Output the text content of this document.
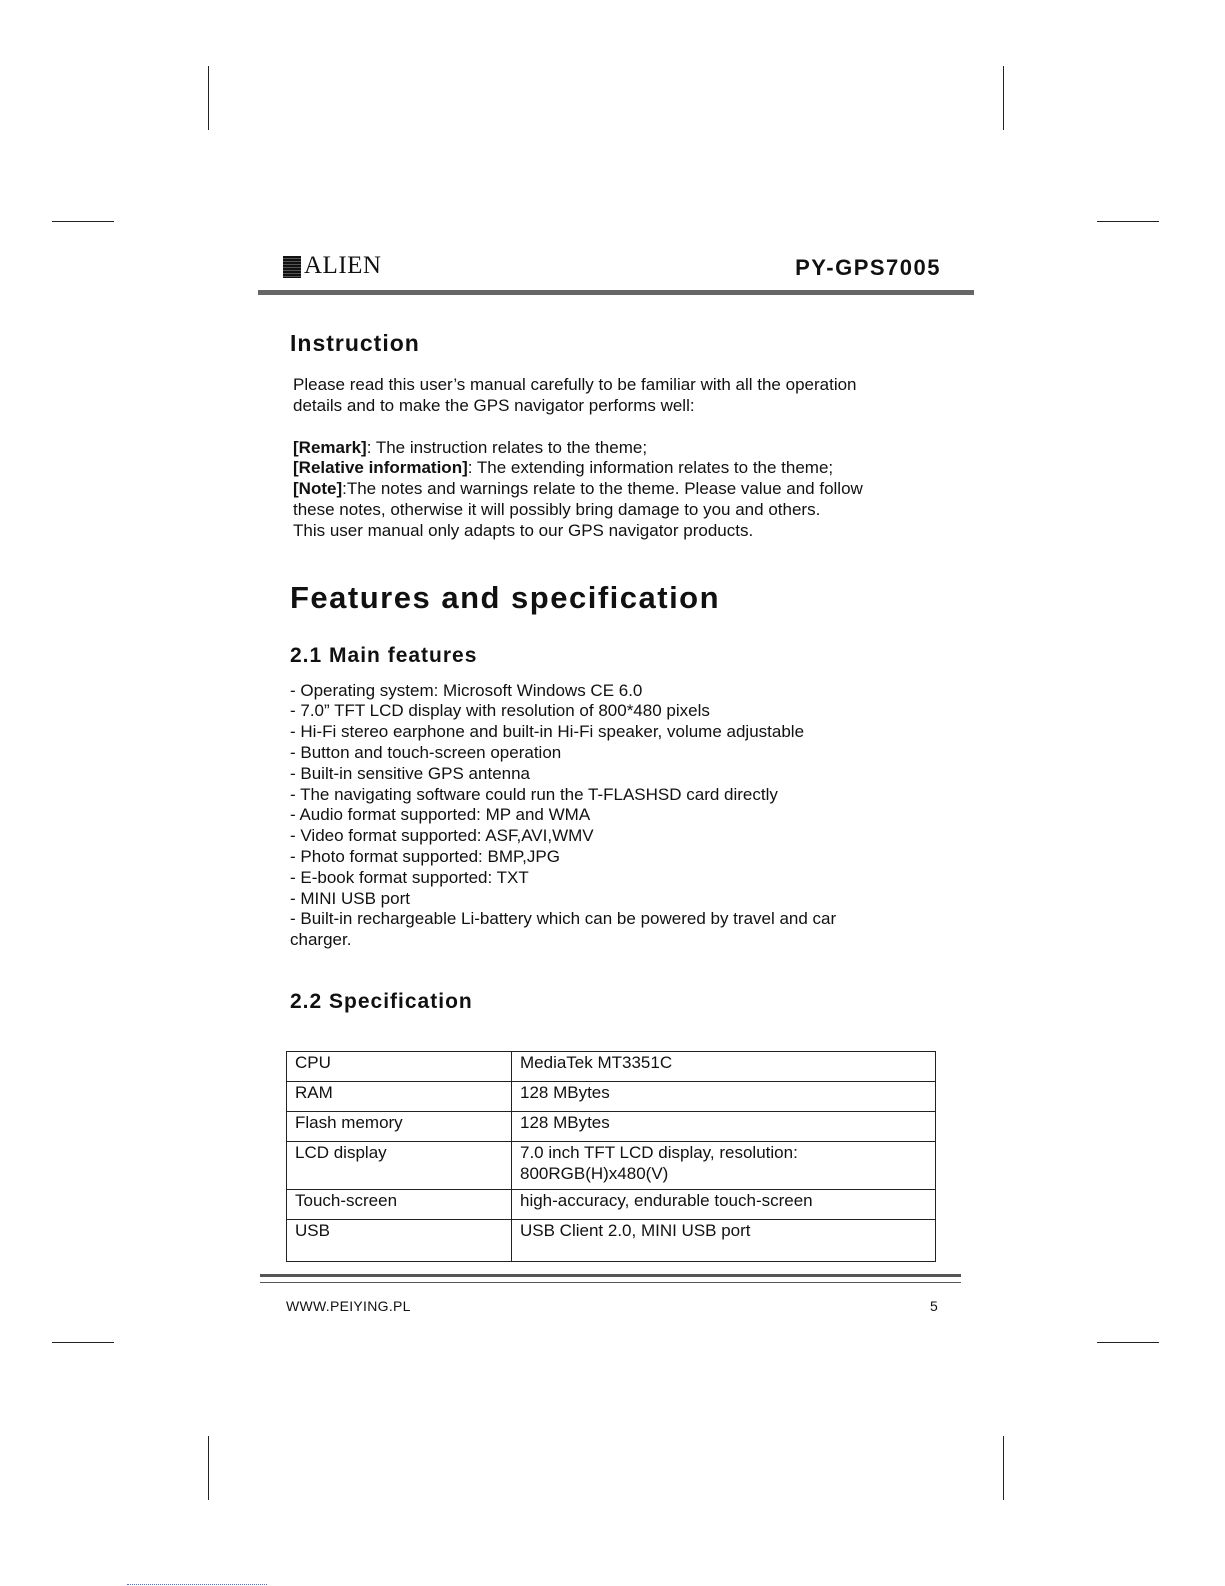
ALIEN	PY-GPS7005
Instruction

Please read this user’s manual carefully to be familiar with all the operation

details and to make the GPS navigator performs well:

[Remark]: The instruction relates to the theme;

[Relative information]: The extending information relates to the theme;

[Note]:The notes and warnings relate to the theme. Please value and follow

these notes, otherwise it will possibly bring damage to you and others.

This user manual only adapts to our GPS navigator products.

Features and specification
2.1 Main features

- Operating system: Microsoft Windows CE 6.0

- 7.0” TFT LCD display with resolution of 800*480 pixels

- Hi-Fi stereo earphone and built-in Hi-Fi speaker, volume adjustable

- Button and touch-screen operation

- Built-in sensitive GPS antenna

- The navigating software could run the T-FLASHSD card directly

- Audio format supported: MP and WMA

- Video format supported: ASF,AVI,WMV

- Photo format supported: BMP,JPG

- E-book format supported: TXT

- MINI USB port

- Built-in rechargeable Li-battery which can be powered by travel and car

charger.

2.2 Specification
CPU	MediaTek MT3351C
RAM	128 MBytes
Flash memory	128 MBytes
LCD display	7.0 inch TFT LCD display, resolution:
800RGB(H)x480(V)

Touch-screen	high-accuracy, endurable touch-screen
USB	USB Client 2.0, MINI USB port
WWW.PEIYING.PL	5
